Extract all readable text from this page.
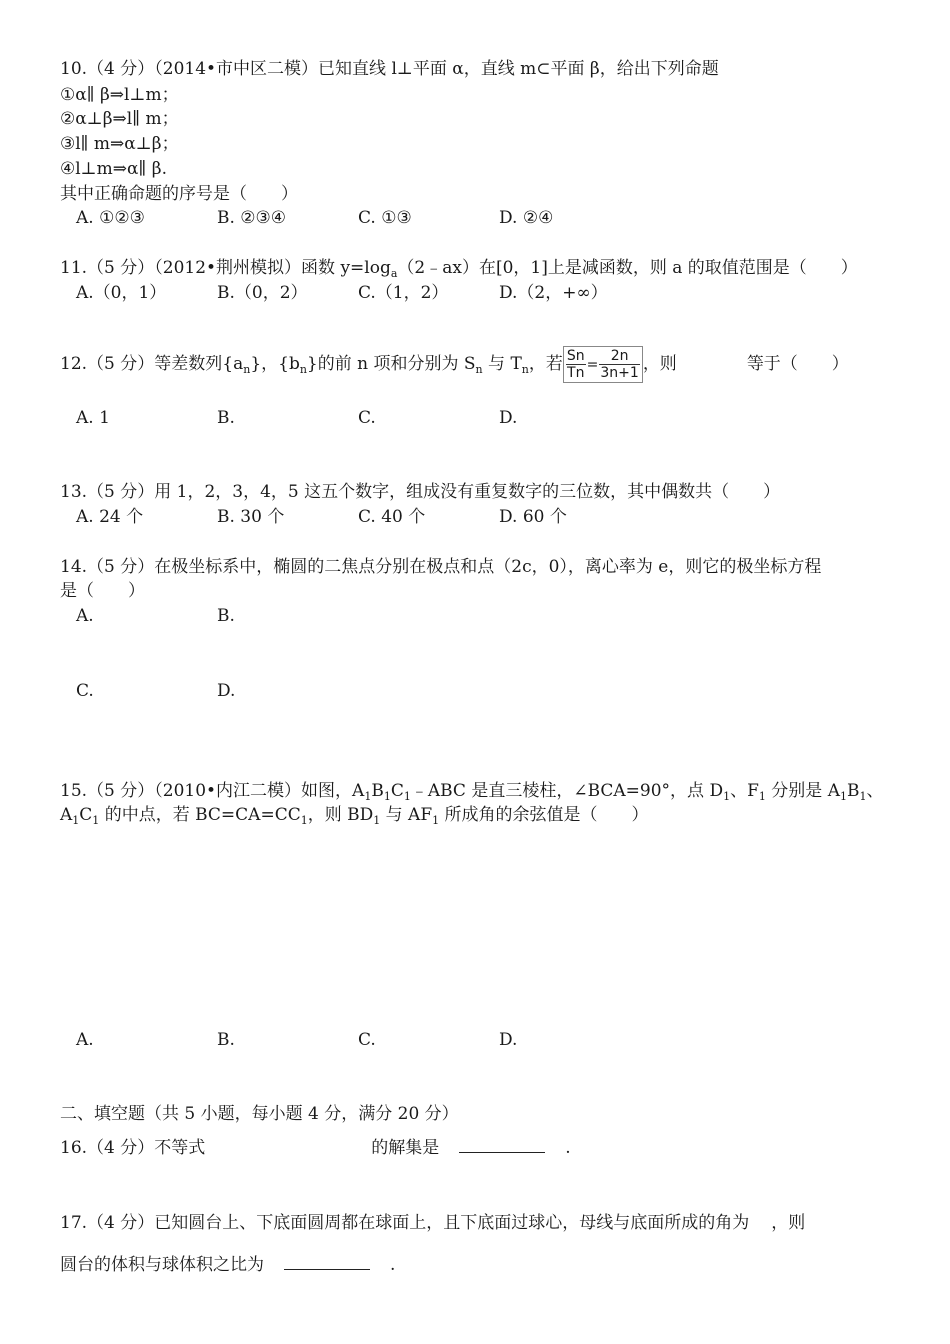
10.（4 分）（2014•市中区二模）已知直线 l⊥平面 α，直线 m⊂平面 β，给出下列命题
①α∥ β⇒l⊥m；
②α⊥β⇒l∥ m；
③l∥ m⇒α⊥β；
④l⊥m⇒α∥ β.
其中正确命题的序号是（　　）
A. ①②③	B. ②③④	C. ①③	D. ②④
11.（5 分）（2012•荆州模拟）函数 $y=\log_a(2﹣ax)$在[0，1]上是减函数，则 a 的取值范围是（　　）
A.（0，1）	B.（0，2）	C.（1，2）	D.（2，+∞）
12.（5 分）等差数列$\{a_n\}$，$\{b_n\}$的前 n 项和分别为 $S_n$ 与 $T_n$，若 Sn	=	2n
Tn		3n+1 ，则	等于（　　）
A. 1	B.	C.	D.
13.（5 分）用 1，2，3，4，5 这五个数字，组成没有重复数字的三位数，其中偶数共（　　）
A. 24 个	B. 30 个	C. 40 个	D. 60 个
14.（5 分）在极坐标系中，椭圆的二焦点分别在极点和点（2c，0），离心率为 e，则它的极坐标方程
是（　　）
A.	B.
C.	D.
15.（5 分）（2010•内江二模）如图，$A_1B_1C_1﹣ABC$ 是直三棱柱，∠BCA=90°，点 $D_1$、$F_1$ 分别是 $A_1B_1$、
$A_1C_1$ 的中点，若 $BC=CA=CC_1$，则 $BD_1$ 与 $AF_1$ 所成角的余弦值是（　　）
A.	B.	C.	D.
二、填空题（共 5 小题，每小题 4 分，满分 20 分）
16.（4 分）不等式	的解集是	.
17.（4 分）已知圆台上、下底面圆周都在球面上，且下底面过球心，母线与底面所成的角为 ，则
圆台的体积与球体积之比为	.
